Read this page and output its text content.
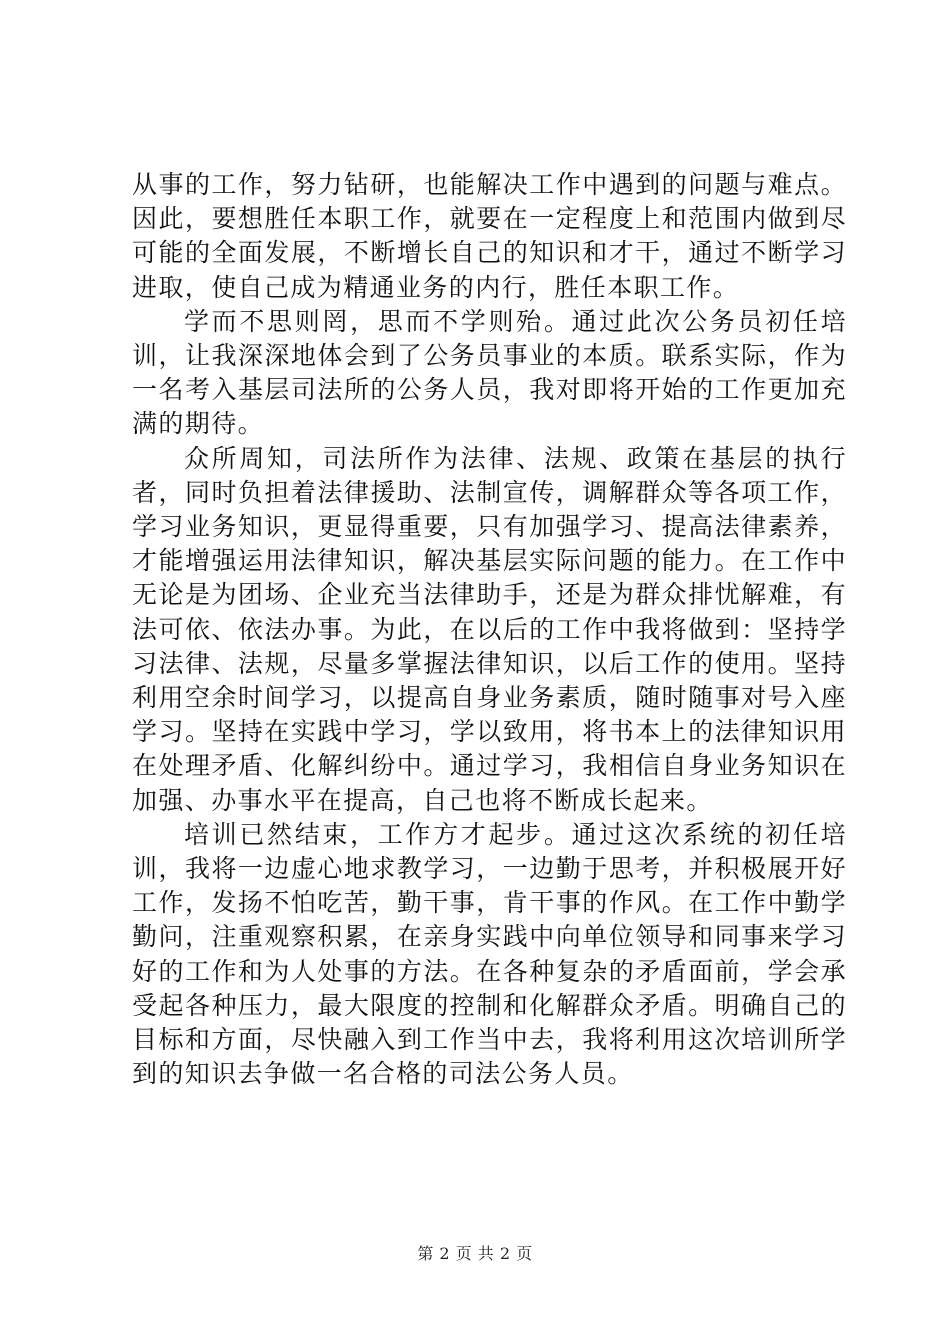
从事的工作，努力钻研，也能解决工作中遇到的问题与难点。因此，要想胜任本职工作，就要在一定程度上和范围内做到尽可能的全面发展，不断增长自己的知识和才干，通过不断学习进取，使自己成为精通业务的内行，胜任本职工作。

学而不思则罔，思而不学则殆。通过此次公务员初任培训，让我深深地体会到了公务员事业的本质。联系实际，作为一名考入基层司法所的公务人员，我对即将开始的工作更加充满的期待。

众所周知，司法所作为法律、法规、政策在基层的执行者，同时负担着法律援助、法制宣传，调解群众等各项工作，学习业务知识，更显得重要，只有加强学习、提高法律素养，才能增强运用法律知识，解决基层实际问题的能力。在工作中无论是为团场、企业充当法律助手，还是为群众排忧解难，有法可依、依法办事。为此，在以后的工作中我将做到：坚持学习法律、法规，尽量多掌握法律知识，以后工作的使用。坚持利用空余时间学习，以提高自身业务素质，随时随事对号入座学习。坚持在实践中学习，学以致用，将书本上的法律知识用在处理矛盾、化解纠纷中。通过学习，我相信自身业务知识在加强、办事水平在提高，自己也将不断成长起来。

培训已然结束，工作方才起步。通过这次系统的初任培训，我将一边虚心地求教学习，一边勤于思考，并积极展开好工作，发扬不怕吃苦，勤干事，肯干事的作风。在工作中勤学勤问，注重观察积累，在亲身实践中向单位领导和同事来学习好的工作和为人处事的方法。在各种复杂的矛盾面前，学会承受起各种压力，最大限度的控制和化解群众矛盾。明确自己的目标和方面，尽快融入到工作当中去，我将利用这次培训所学到的知识去争做一名合格的司法公务人员。

第 2 页 共 2 页
